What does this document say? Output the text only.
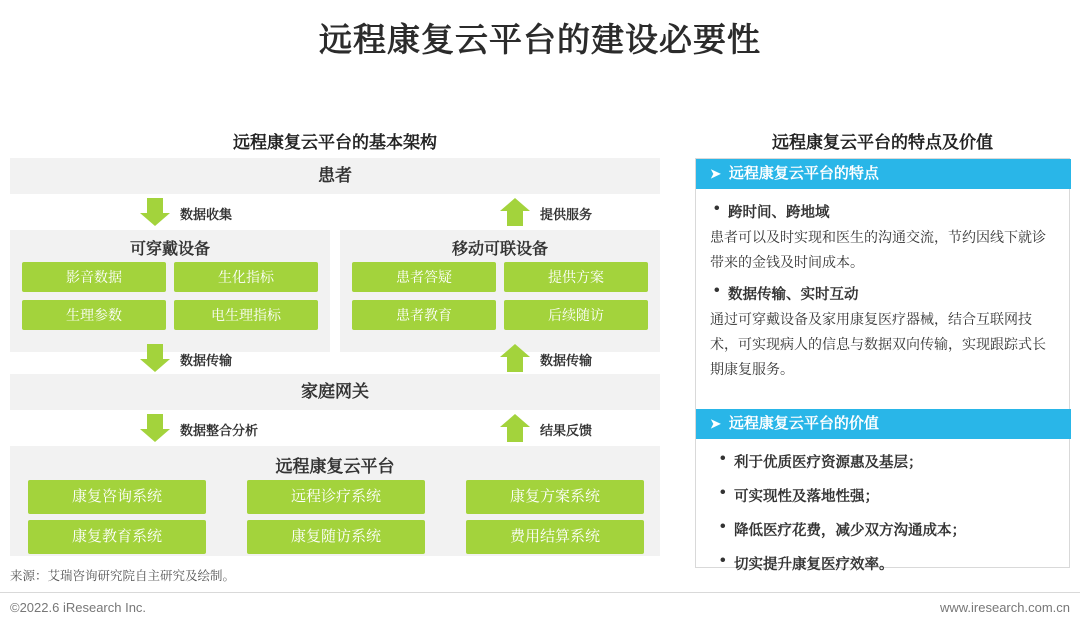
远程康复云平台的建设必要性
远程康复云平台的基本架构	远程康复云平台的特点及价值
患者
数据收集	提供服务
可穿戴设备	移动可联设备
影音数据	生化指标
生理参数	电生理指标
患者答疑	提供方案
患者教育	后续随访
数据传输	数据传输
家庭网关
数据整合分析	结果反馈
远程康复云平台
康复咨询系统	远程诊疗系统	康复方案系统
康复教育系统	康复随访系统	费用结算系统
来源：艾瑞咨询研究院自主研究及绘制。
➤ 远程康复云平台的特点
• 跨时间、跨地域
患者可以及时实现和医生的沟通交流，节约因线下就诊带来的金钱及时间成本。
• 数据传输、实时互动
通过可穿戴设备及家用康复医疗器械，结合互联网技术，可实现病人的信息与数据双向传输，实现跟踪式长期康复服务。
➤ 远程康复云平台的价值
• 利于优质医疗资源惠及基层；
• 可实现性及落地性强；
• 降低医疗花费，减少双方沟通成本；
• 切实提升康复医疗效率。
©2022.6 iResearch Inc.	www.iresearch.com.cn
